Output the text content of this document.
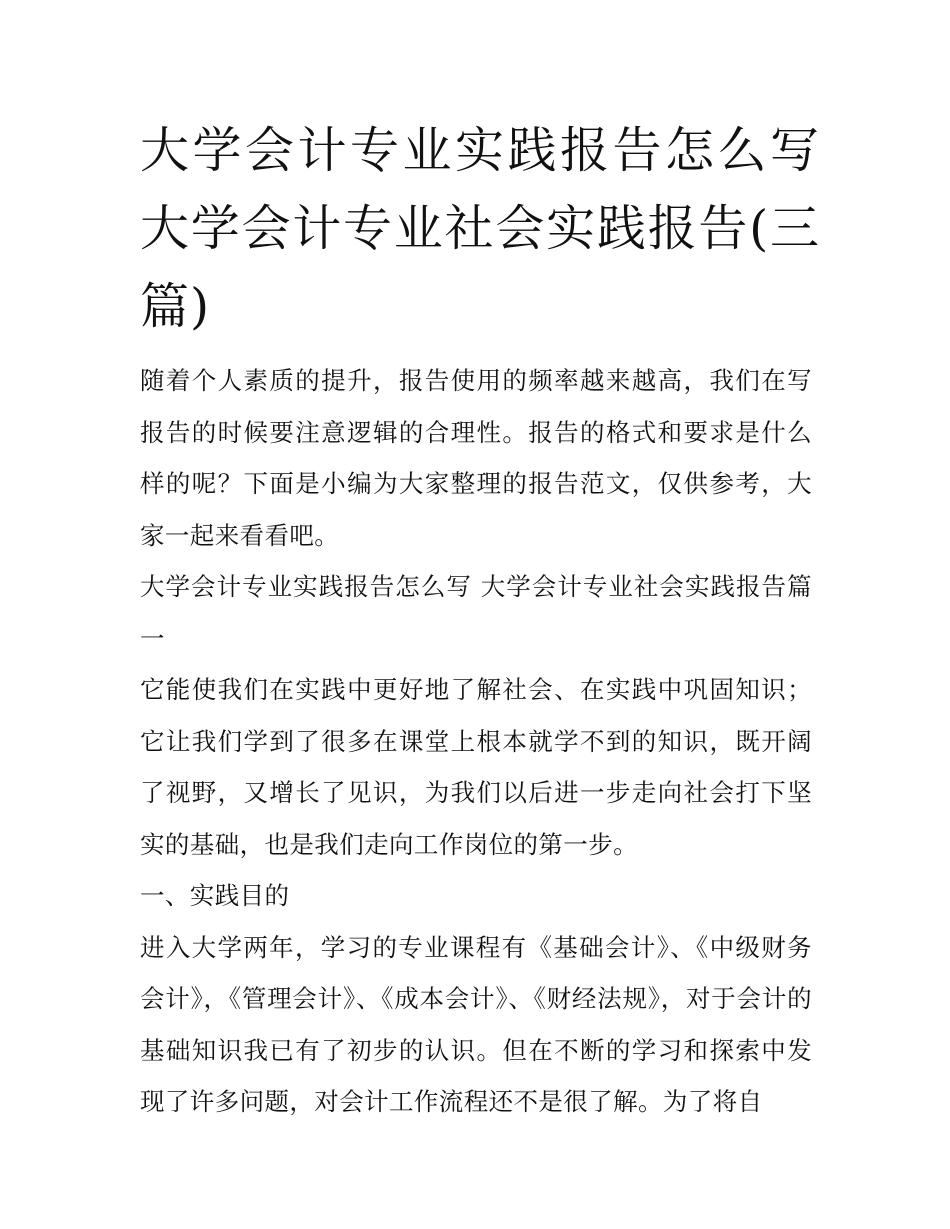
大学会计专业实践报告怎么写 大学会计专业社会实践报告(三篇)

随着个人素质的提升，报告使用的频率越来越高，我们在写报告的时候要注意逻辑的合理性。报告的格式和要求是什么样的呢？下面是小编为大家整理的报告范文，仅供参考，大家一起来看看吧。

大学会计专业实践报告怎么写 大学会计专业社会实践报告篇一

它能使我们在实践中更好地了解社会、在实践中巩固知识；它让我们学到了很多在课堂上根本就学不到的知识，既开阔了视野，又增长了见识，为我们以后进一步走向社会打下坚实的基础，也是我们走向工作岗位的第一步。

一、实践目的

进入大学两年，学习的专业课程有《基础会计》、《中级财务会计》，《管理会计》、《成本会计》、《财经法规》，对于会计的基础知识我已有了初步的认识。但在不断的学习和探索中发现了许多问题，对会计工作流程还不是很了解。为了将自
